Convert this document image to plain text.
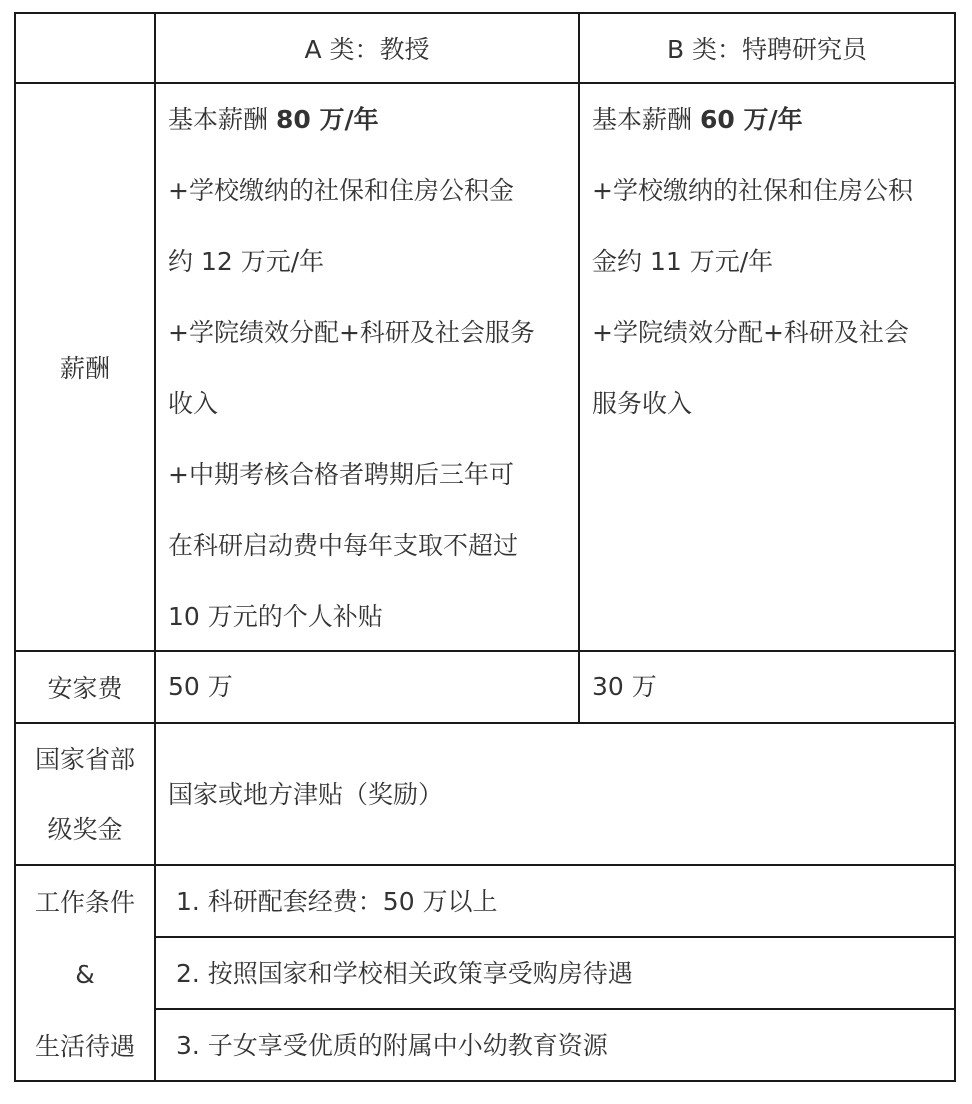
A 类：教授	B 类：特聘研究员
薪酬
基本薪酬 80 万/年
+学校缴纳的社保和住房公积金
约 12 万元/年
+学院绩效分配+科研及社会服务
收入
+中期考核合格者聘期后三年可
在科研启动费中每年支取不超过
10 万元的个人补贴
基本薪酬 60 万/年
+学校缴纳的社保和住房公积
金约 11 万元/年
+学院绩效分配+科研及社会
服务收入
安家费 50 万	30 万
国家省部
级奖金
国家或地方津贴（奖励）
工作条件
&
生活待遇
1. 科研配套经费：50 万以上
2. 按照国家和学校相关政策享受购房待遇
3. 子女享受优质的附属中小幼教育资源
